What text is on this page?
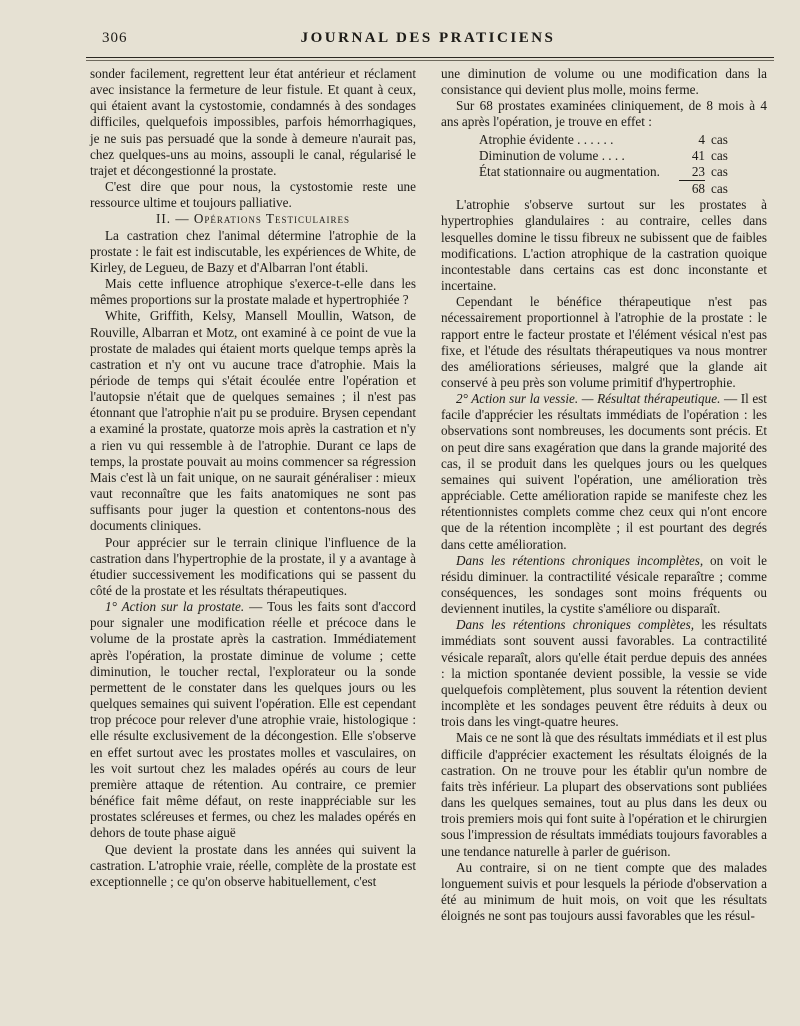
306	JOURNAL DES PRATICIENS

sonder facilement, regrettent leur état antérieur et réclament avec insistance la fermeture de leur fistule. Et quant à ceux, qui étaient avant la cystostomie, condamnés à des sondages difficiles, quelquefois impossibles, parfois hémorrhagiques, je ne suis pas persuadé que la sonde à demeure n'aurait pas, chez quelques-uns au moins, assoupli le canal, régularisé le trajet et décongestionné la prostate.

C'est dire que pour nous, la cystostomie reste une ressource ultime et toujours palliative.

II. — Opérations Testiculaires

La castration chez l'animal détermine l'atrophie de la prostate : le fait est indiscutable, les expériences de White, de Kirley, de Legueu, de Bazy et d'Albarran l'ont établi.

Mais cette influence atrophique s'exerce-t-elle dans les mêmes proportions sur la prostate malade et hypertrophiée ?

White, Griffith, Kelsy, Mansell Moullin, Watson, de Rouville, Albarran et Motz, ont examiné à ce point de vue la prostate de malades qui étaient morts quelque temps après la castration et n'y ont vu aucune trace d'atrophie. Mais la période de temps qui s'était écoulée entre l'opération et l'autopsie n'était que de quelques semaines ; il n'est pas étonnant que l'atrophie n'ait pu se produire. Brysen cependant a examiné la prostate, quatorze mois après la castration et n'y a rien vu qui ressemble à de l'atrophie. Durant ce laps de temps, la prostate pouvait au moins commencer sa régression Mais c'est là un fait unique, on ne saurait généraliser : mieux vaut reconnaître que les faits anatomiques ne sont pas suffisants pour juger la question et contentons-nous des documents cliniques.

Pour apprécier sur le terrain clinique l'influence de la castration dans l'hypertrophie de la prostate, il y a avantage à étudier successivement les modifications qui se passent du côté de la prostate et les résultats thérapeutiques.

1° Action sur la prostate. — Tous les faits sont d'accord pour signaler une modification réelle et précoce dans le volume de la prostate après la castration. Immédiatement après l'opération, la prostate diminue de volume ; cette diminution, le toucher rectal, l'explorateur ou la sonde permettent de le constater dans les quelques jours ou les quelques semaines qui suivent l'opération. Elle est cependant trop précoce pour relever d'une atrophie vraie, histologique : elle résulte exclusivement de la décongestion. Elle s'observe en effet surtout avec les prostates molles et vasculaires, on les voit surtout chez les malades opérés au cours de leur première attaque de rétention. Au contraire, ce premier bénéfice fait même défaut, on reste inappréciable sur les prostates scléreuses et fermes, ou chez les malades opérés en dehors de toute phase aiguë

Que devient la prostate dans les années qui suivent la castration. L'atrophie vraie, réelle, complète de la prostate est exceptionnelle ; ce qu'on observe habituellement, c'est

une diminution de volume ou une modification dans la consistance qui devient plus molle, moins ferme.

Sur 68 prostates examinées cliniquement, de 8 mois à 4 ans après l'opération, je trouve en effet :

Atrophie évidente . . . . . .	4	cas
Diminution de volume . . . .	41	cas
État stationnaire ou augmentation.	23	cas
	68	cas

L'atrophie s'observe surtout sur les prostates à hypertrophies glandulaires : au contraire, celles dans lesquelles domine le tissu fibreux ne subissent que de faibles modifications. L'action atrophique de la castration quoique incontestable dans certains cas est donc inconstante et incertaine.

Cependant le bénéfice thérapeutique n'est pas nécessairement proportionnel à l'atrophie de la prostate : le rapport entre le facteur prostate et l'élément vésical n'est pas fixe, et l'étude des résultats thérapeutiques va nous montrer des améliorations sérieuses, malgré que la glande ait conservé à peu près son volume primitif d'hypertrophie.

2° Action sur la vessie. — Résultat thérapeutique. — Il est facile d'apprécier les résultats immédiats de l'opération : les observations sont nombreuses, les documents sont précis. Et on peut dire sans exagération que dans la grande majorité des cas, il se produit dans les quelques jours ou les quelques semaines qui suivent l'opération, une amélioration très appréciable. Cette amélioration rapide se manifeste chez les rétentionnistes complets comme chez ceux qui n'ont encore que de la rétention incomplète ; il est pourtant des degrés dans cette amélioration.

Dans les rétentions chroniques incomplètes, on voit le résidu diminuer. la contractilité vésicale reparaître ; comme conséquences, les sondages sont moins fréquents ou deviennent inutiles, la cystite s'améliore ou disparaît.

Dans les rétentions chroniques complètes, les résultats immédiats sont souvent aussi favorables. La contractilité vésicale reparaît, alors qu'elle était perdue depuis des années : la miction spontanée devient possible, la vessie se vide quelquefois complètement, plus souvent la rétention devient incomplète et les sondages peuvent être réduits à deux ou trois dans les vingt-quatre heures.

Mais ce ne sont là que des résultats immédiats et il est plus difficile d'apprécier exactement les résultats éloignés de la castration. On ne trouve pour les établir qu'un nombre de faits très inférieur. La plupart des observations sont publiées dans les quelques semaines, tout au plus dans les deux ou trois premiers mois qui font suite à l'opération et le chirurgien sous l'impression de résultats immédiats toujours favorables a une tendance naturelle à parler de guérison.

Au contraire, si on ne tient compte que des malades longuement suivis et pour lesquels la période d'observation a été au minimum de huit mois, on voit que les résultats éloignés ne sont pas toujours aussi favorables que les résul-
